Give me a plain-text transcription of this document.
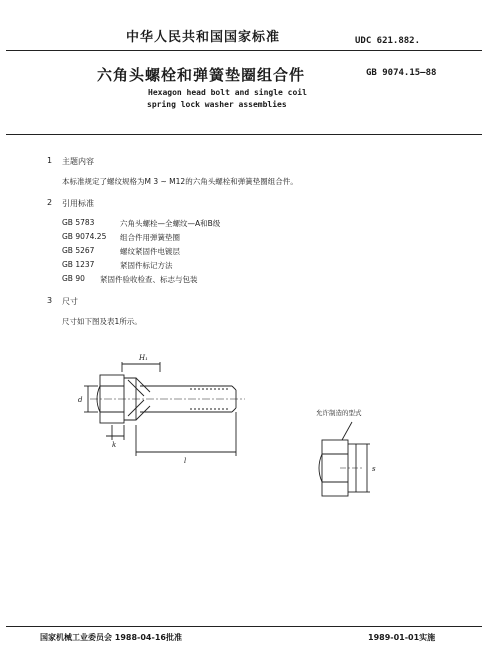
中华人民共和国国家标准	UDC 621.882.
六角头螺栓和弹簧垫圈组合件	GB 9074.15—88
Hexagon head bolt and single coil
spring lock washer assemblies
1 主题内容
本标准规定了螺纹规格为M 3 ~ M12的六角头螺栓和弹簧垫圈组合件。
2 引用标准
GB 5783	六角头螺栓—全螺纹—A和B级
GB 9074.25 组合件用弹簧垫圈
GB 5267	螺纹紧固件电镀层
GB 1237	紧固件标记方法
GB 90 紧固件验收检查、标志与包装
3 尺寸
尺寸如下图及表1所示。
H₁
d
k
l
s
允许制造的型式
国家机械工业委员会 1988-04-16批准	1989-01-01实施
